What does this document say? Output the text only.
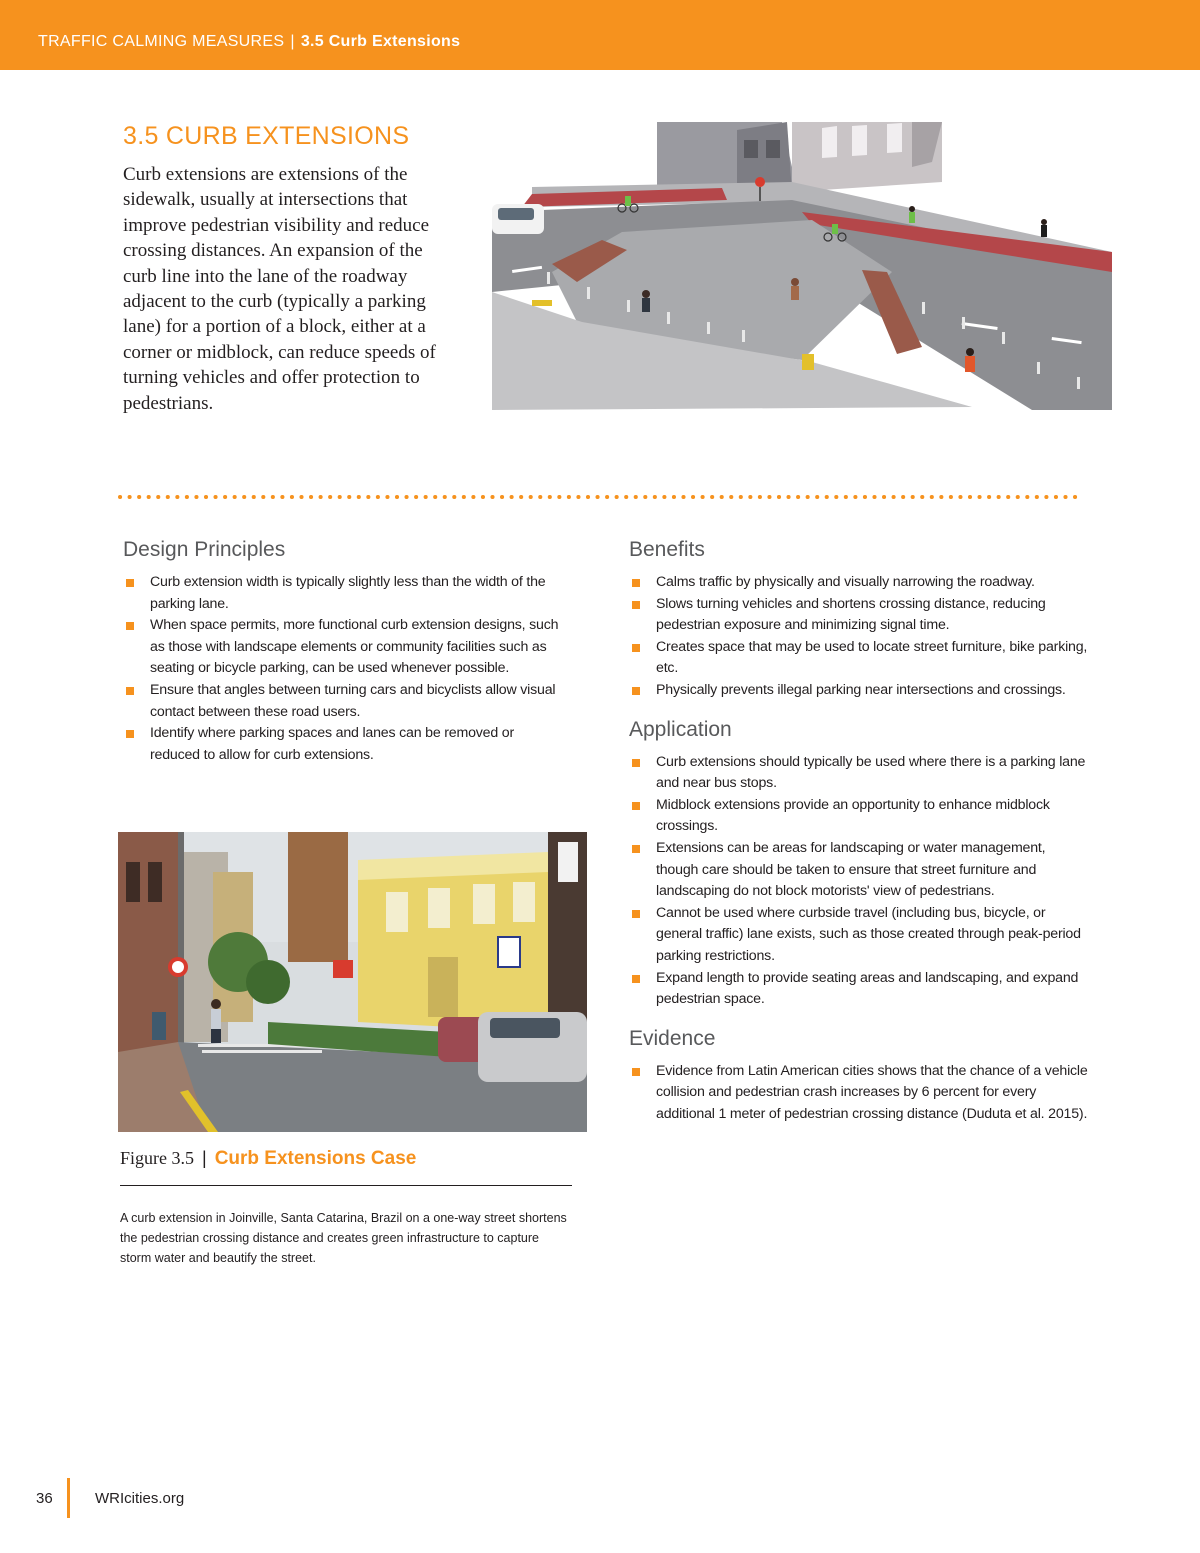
TRAFFIC CALMING MEASURES | 3.5 Curb Extensions
3.5 CURB EXTENSIONS
Curb extensions are extensions of the sidewalk, usually at intersections that improve pedestrian visibility and reduce crossing distances. An expansion of the curb line into the lane of the roadway adjacent to the curb (typically a parking lane) for a portion of a block, either at a corner or midblock, can reduce speeds of turning vehicles and offer protection to pedestrians.
Design Principles
Curb extension width is typically slightly less than the width of the parking lane.
When space permits, more functional curb extension designs, such as those with landscape elements or community facilities such as seating or bicycle parking, can be used whenever possible.
Ensure that angles between turning cars and bicyclists allow visual contact between these road users.
Identify where parking spaces and lanes can be removed or reduced to allow for curb extensions.
Benefits
Calms traffic by physically and visually narrowing the roadway.
Slows turning vehicles and shortens crossing distance, reducing pedestrian exposure and minimizing signal time.
Creates space that may be used to locate street furniture, bike parking, etc.
Physically prevents illegal parking near intersections and crossings.
Application
Curb extensions should typically be used where there is a parking lane and near bus stops.
Midblock extensions provide an opportunity to enhance midblock crossings.
Extensions can be areas for landscaping or water management, though care should be taken to ensure that street furniture and landscaping do not block motorists' view of pedestrians.
Cannot be used where curbside travel (including bus, bicycle, or general traffic) lane exists, such as those created through peak-period parking restrictions.
Expand length to provide seating areas and landscaping, and expand pedestrian space.
Evidence
Evidence from Latin American cities shows that the chance of a vehicle collision and pedestrian crash increases by 6 percent for every additional 1 meter of pedestrian crossing distance (Duduta et al. 2015).
Figure 3.5 | Curb Extensions Case
A curb extension in Joinville, Santa Catarina, Brazil on a one-way street shortens the pedestrian crossing distance and creates green infrastructure to capture storm water and beautify the street.
36	WRIcities.org
